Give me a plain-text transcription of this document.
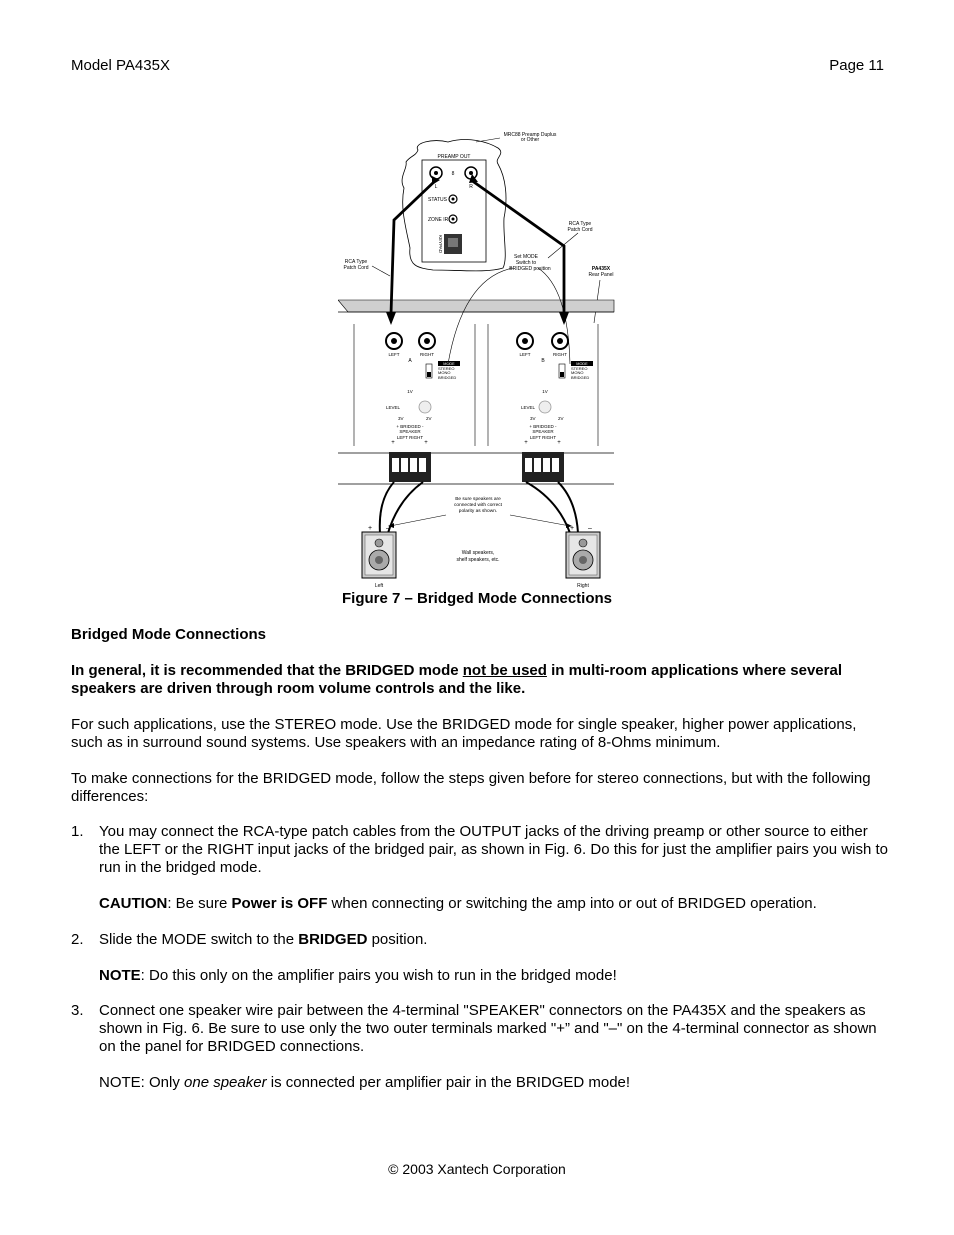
Model PA435X	Page 11
MRC88 Preamp Duplus
or Other
PREAMP OUT
8
L	R
STATUS
ZONE IR
KEYPAD
RCA Type
Patch Cord
RCA Type
Patch Cord
Set MODE
Switch to
BRIDGED position	PA435X
Rear Panel
LEFT	RIGHT
A	MODE
STEREO
MONO
BRIDGED
1V
LEVEL
3V	2V
+ BRIDGED -
SPEAKER
LEFT RIGHT
+	+
LEFT	RIGHT
B	MODE
STEREO
MONO
BRIDGED
1V
LEVEL
3V	2V
+ BRIDGED -
SPEAKER
LEFT RIGHT
+	+
Be sure speakers are
connected with correct
polarity as shown.
+ –	+ –
Wall speakers,
shelf speakers, etc.
Left	Right
Figure 7 – Bridged Mode Connections
Bridged Mode Connections
In general, it is recommended that the BRIDGED mode not be used in multi-room applications where several speakers are driven through room volume controls and the like.
For such applications, use the STEREO mode. Use the BRIDGED mode for single speaker, higher power applications, such as in surround sound systems. Use speakers with an impedance rating of 8-Ohms minimum.
To make connections for the BRIDGED mode, follow the steps given before for stereo connections, but with the following differences:
1. You may connect the RCA-type patch cables from the OUTPUT jacks of the driving preamp or other source to either the LEFT or the RIGHT input jacks of the bridged pair, as shown in Fig. 6. Do this for just the amplifier pairs you wish to run in the bridged mode.
CAUTION: Be sure Power is OFF when connecting or switching the amp into or out of BRIDGED operation.
2. Slide the MODE switch to the BRIDGED position.
NOTE: Do this only on the amplifier pairs you wish to run in the bridged mode!
3. Connect one speaker wire pair between the 4-terminal "SPEAKER" connectors on the PA435X and the speakers as shown in Fig. 6. Be sure to use only the two outer terminals marked "+” and "–" on the 4-terminal connector as shown on the panel for BRIDGED connections.
NOTE: Only one speaker is connected per amplifier pair in the BRIDGED mode!
© 2003 Xantech Corporation
